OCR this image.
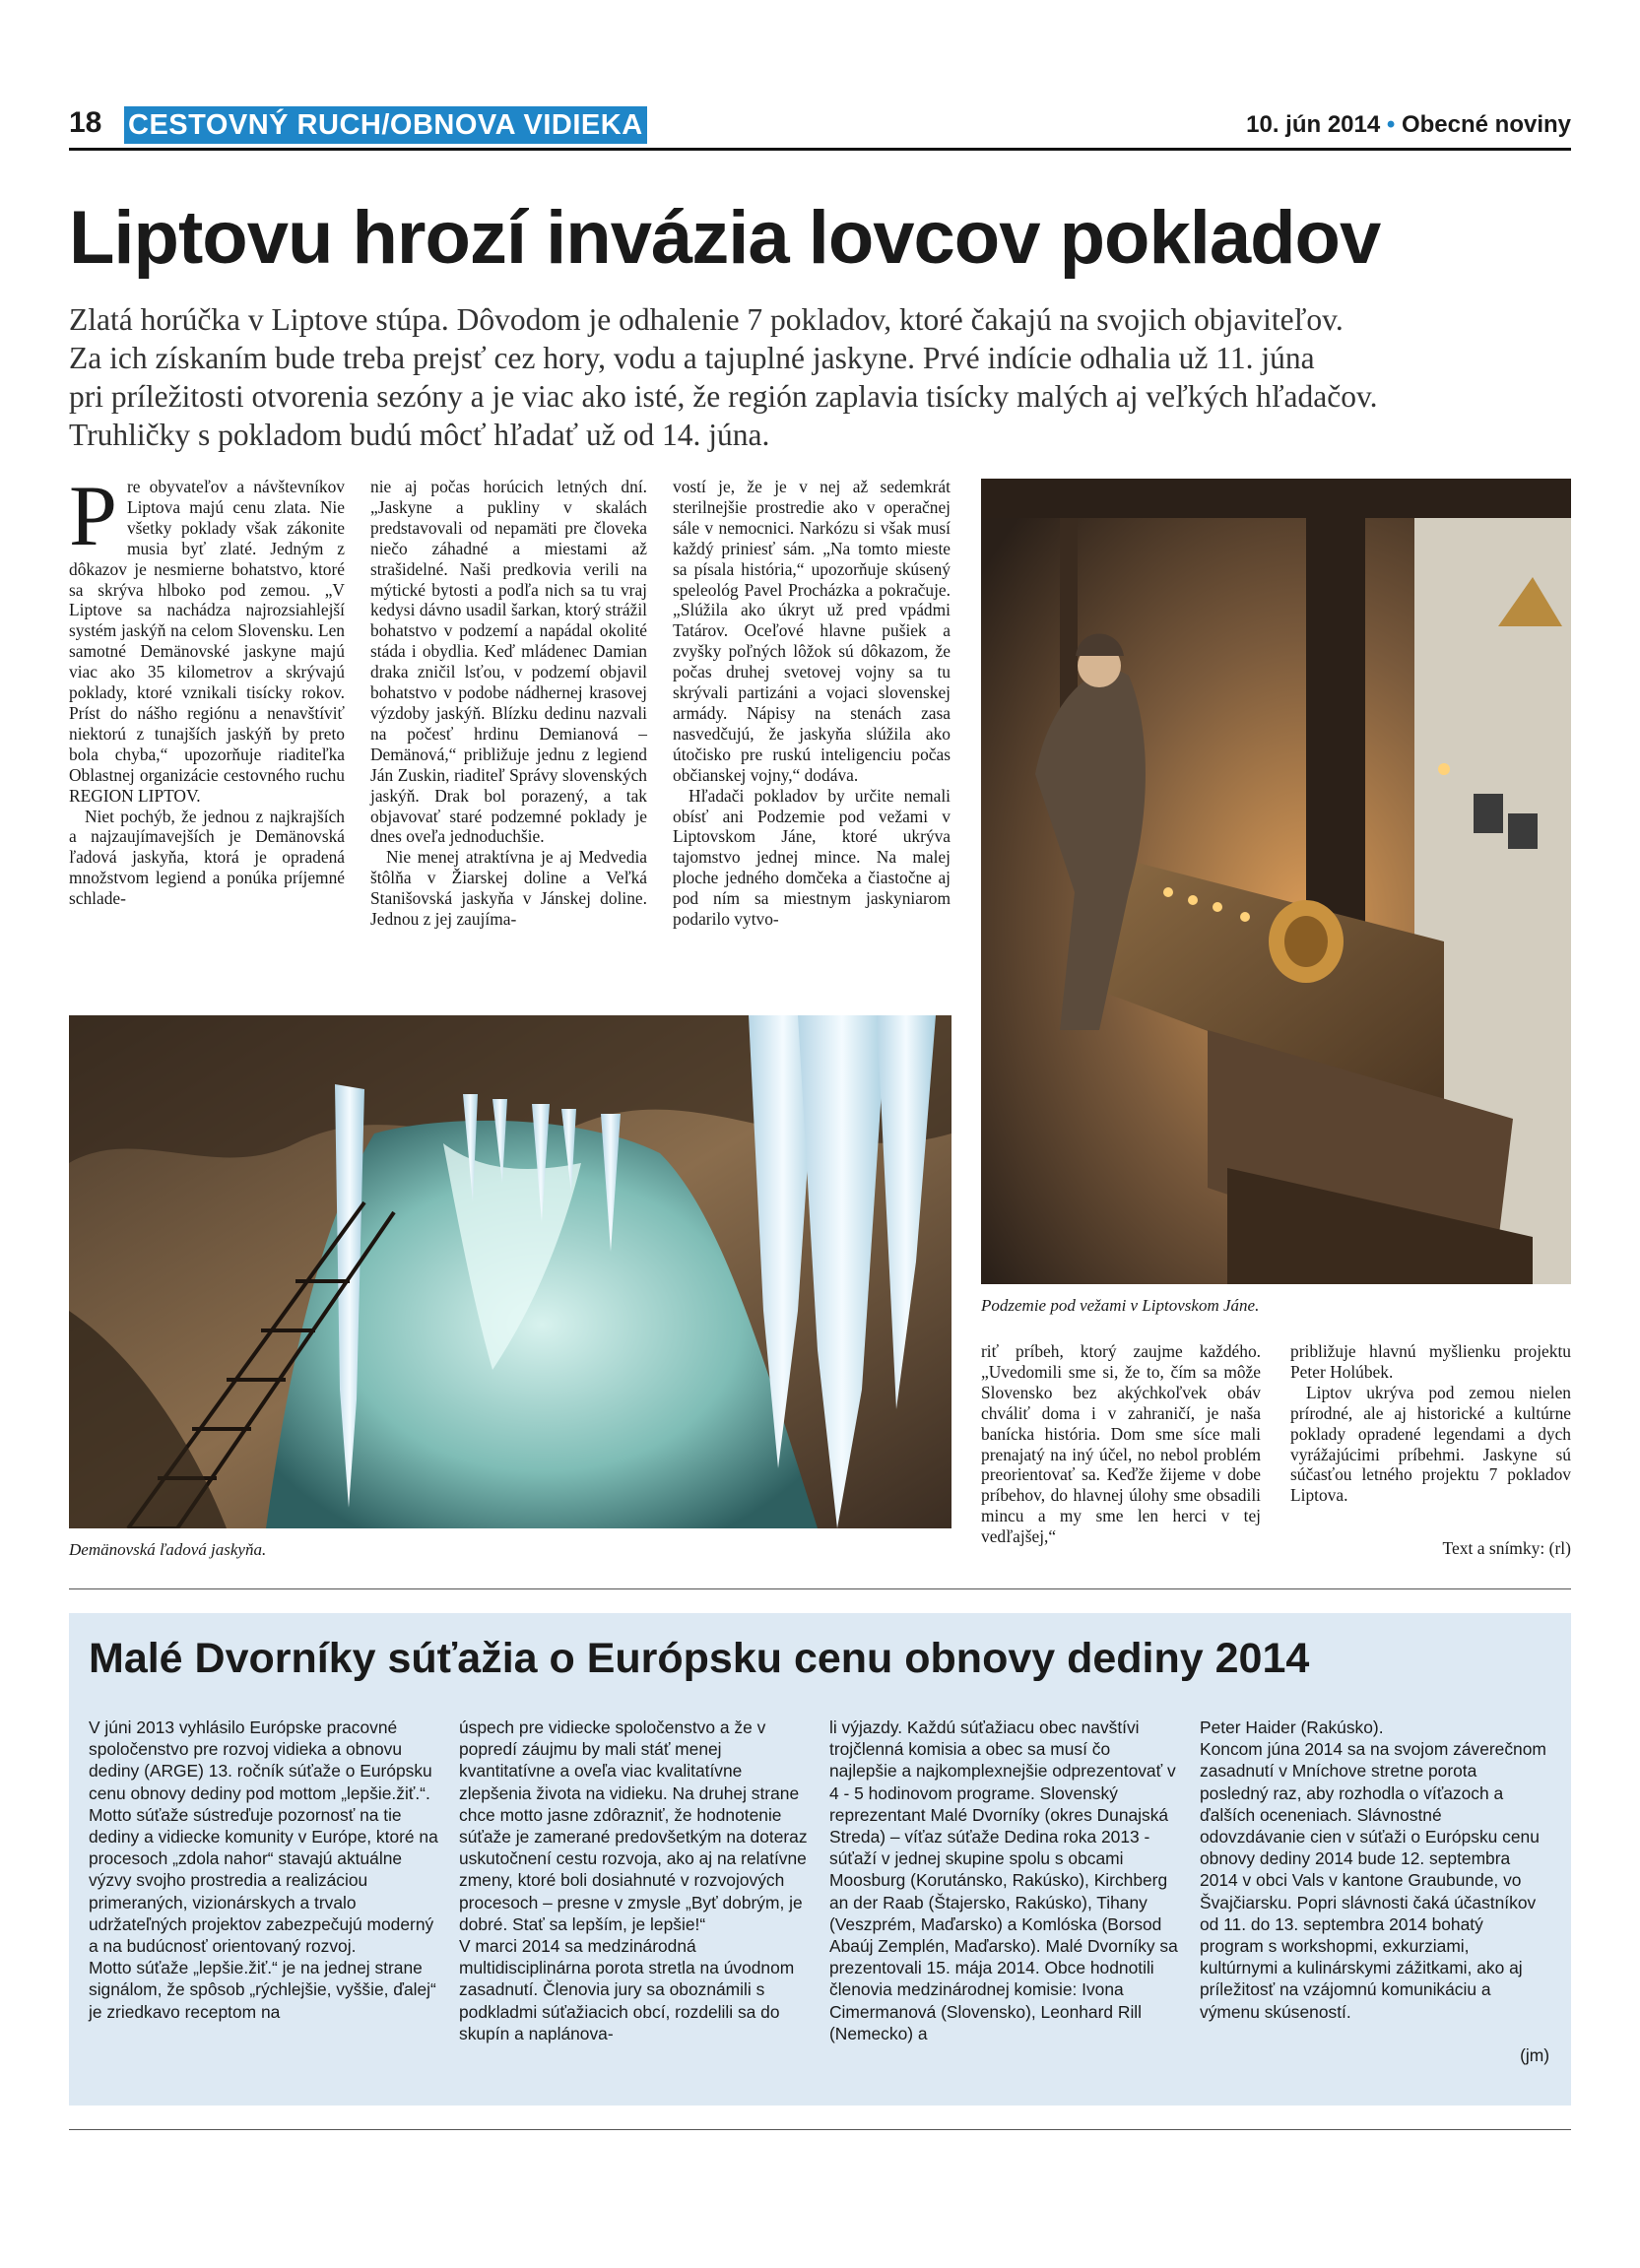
18 CESTOVNÝ RUCH/OBNOVA VIDIEKA	10. jún 2014 • Obecné noviny
Liptovu hrozí invázia lovcov pokladov
Zlatá horúčka v Liptove stúpa. Dôvodom je odhalenie 7 pokladov, ktoré čakajú na svojich objaviteľov.
Za ich získaním bude treba prejsť cez hory, vodu a tajuplné jaskyne. Prvé indície odhalia už 11. júna
pri príležitosti otvorenia sezóny a je viac ako isté, že región zaplavia tisícky malých aj veľkých hľadačov.
Truhličky s pokladom budú môcť hľadať už od 14. júna.
P re obyvateľov a návštevníkov Liptova majú cenu zlata. Nie všetky poklady však zákonite musia byť zlaté. Jedným z dôkazov je nesmierne bohatstvo, ktoré sa skrýva hlboko pod zemou. „V Liptove sa nachádza najrozsiahlejší systém jaskýň na celom Slovensku. Len samotné Demänovské jaskyne majú viac ako 35 kilometrov a skrývajú poklady, ktoré vznikali tisícky rokov. Príst do nášho regiónu a nenavštíviť niektorú z tunajších jaskýň by preto bola chyba,“ upozorňuje riaditeľka Oblastnej organizácie cestovného ruchu REGION LIPTOV.

Niet pochýb, že jednou z najkrajších a najzaujímavejších je Demänovská ľadová jaskyňa, ktorá je opradená množstvom legiend a ponúka príjemné schlade-

nie aj počas horúcich letných dní. „Jaskyne a pukliny v skalách predstavovali od nepamäti pre človeka niečo záhadné a miestami až strašidelné. Naši predkovia verili na mýtické bytosti a podľa nich sa tu vraj kedysi dávno usadil šarkan, ktorý strážil bohatstvo v podzemí a napádal okolité stáda i obydlia. Keď mládenec Damian draka zničil lsťou, v podzemí objavil bohatstvo v podobe nádhernej krasovej výzdoby jaskýň. Blízku dedinu nazvali na počesť hrdinu Demianová – Demänová,“ približuje jednu z legiend Ján Zuskin, riaditeľ Správy slovenských jaskýň. Drak bol porazený, a tak objavovať staré podzemné poklady je dnes oveľa jednoduchšie.

Nie menej atraktívna je aj Medvedia štôlňa v Žiarskej doline a Veľká Stanišovská jaskyňa v Jánskej doline. Jednou z jej zaujíma-

vostí je, že je v nej až sedemkrát sterilnejšie prostredie ako v operačnej sále v nemocnici. Narkózu si však musí každý priniesť sám. „Na tomto mieste sa písala história,“ upozorňuje skúsený speleológ Pavel Procházka a pokračuje. „Slúžila ako úkryt už pred vpádmi Tatárov. Oceľové hlavne pušiek a zvyšky poľných lôžok sú dôkazom, že počas druhej svetovej vojny sa tu skrývali partizáni a vojaci slovenskej armády. Nápisy na stenách zasa nasvedčujú, že jaskyňa slúžila ako útočisko pre ruskú inteligenciu počas občianskej vojny,“ dodáva.

Hľadači pokladov by určite nemali obísť ani Podzemie pod vežami v Liptovskom Jáne, ktoré ukrýva tajomstvo jednej mince. Na malej ploche jedného domčeka a čiastočne aj pod ním sa miestnym jaskyniarom podarilo vytvo-

Demänovská ľadová jaskyňa.
Podzemie pod vežami v Liptovskom Jáne.

riť príbeh, ktorý zaujme každého. „Uvedomili sme si, že to, čím sa môže Slovensko bez akýchkoľvek obáv chváliť doma i v zahraničí, je naša banícka história. Dom sme síce mali prenajatý na iný účel, no nebol problém preorientovať sa. Keďže žijeme v dobe príbehov, do hlavnej úlohy sme obsadili mincu a my sme len herci v tej vedľajšej,“

približuje hlavnú myšlienku projektu Peter Holúbek.

Liptov ukrýva pod zemou nielen prírodné, ale aj historické a kultúrne poklady opradené legendami a dych vyrážajúcimi príbehmi. Jaskyne sú súčasťou letného projektu 7 pokladov Liptova.

Text a snímky: (rl)
Malé Dvorníky súťažia o Európsku cenu obnovy dediny 2014

V júni 2013 vyhlásilo Európske pracovné spoločenstvo pre rozvoj vidieka a obnovu dediny (ARGE) 13. ročník súťaže o Európsku cenu obnovy dediny pod mottom „lepšie.žiť.“. Motto súťaže sústreďuje pozornosť na tie dediny a vidiecke komunity v Európe, ktoré na procesoch „zdola nahor“ stavajú aktuálne výzvy svojho prostredia a realizáciou primeraných, vizionárskych a trvalo udržateľných projektov zabezpečujú moderný a na budúcnosť orientovaný rozvoj.

Motto súťaže „lepšie.žiť.“ je na jednej strane signálom, že spôsob „rýchlejšie, vyššie, ďalej“ je zriedkavo receptom na

úspech pre vidiecke spoločenstvo a že v popredí záujmu by mali stáť menej kvantitatívne a oveľa viac kvalitatívne zlepšenia života na vidieku. Na druhej strane chce motto jasne zdôrazniť, že hodnotenie súťaže je zamerané predovšetkým na doteraz uskutočnení cestu rozvoja, ako aj na relatívne zmeny, ktoré boli dosiahnuté v rozvojových procesoch – presne v zmysle „Byť dobrým, je dobré. Stať sa lepším, je lepšie!“

V marci 2014 sa medzinárodná multidisciplinárna porota stretla na úvodnom zasadnutí. Členovia jury sa oboznámili s podkladmi súťažiacich obcí, rozdelili sa do skupín a naplánova-

li výjazdy. Každú súťažiacu obec navštívi trojčlenná komisia a obec sa musí čo najlepšie a najkomplexnejšie odprezentovať v 4 - 5 hodinovom programe. Slovenský reprezentant Malé Dvorníky (okres Dunajská Streda) – víťaz súťaže Dedina roka 2013 - súťaží v jednej skupine spolu s obcami Moosburg (Korutánsko, Rakúsko), Kirchberg an der Raab (Štajersko, Rakúsko), Tihany (Veszprém, Maďarsko) a Komlóska (Borsod Abaúj Zemplén, Maďarsko). Malé Dvorníky sa prezentovali 15. mája 2014. Obce hodnotili členovia medzinárodnej komisie: Ivona Cimermanová (Slovensko), Leonhard Rill (Nemecko) a

Peter Haider (Rakúsko).

Koncom júna 2014 sa na svojom záverečnom zasadnutí v Mníchove stretne porota posledný raz, aby rozhodla o víťazoch a ďalších oceneniach. Slávnostné odovzdávanie cien v súťaži o Európsku cenu obnovy dediny 2014 bude 12. septembra 2014 v obci Vals v kantone Graubunde, vo Švajčiarsku. Popri slávnosti čaká účastníkov od 11. do 13. septembra 2014 bohatý program s workshopmi, exkurziami, kultúrnymi a kulinárskymi zážitkami, ako aj príležitosť na vzájomnú komunikáciu a výmenu skúseností.

(jm)
